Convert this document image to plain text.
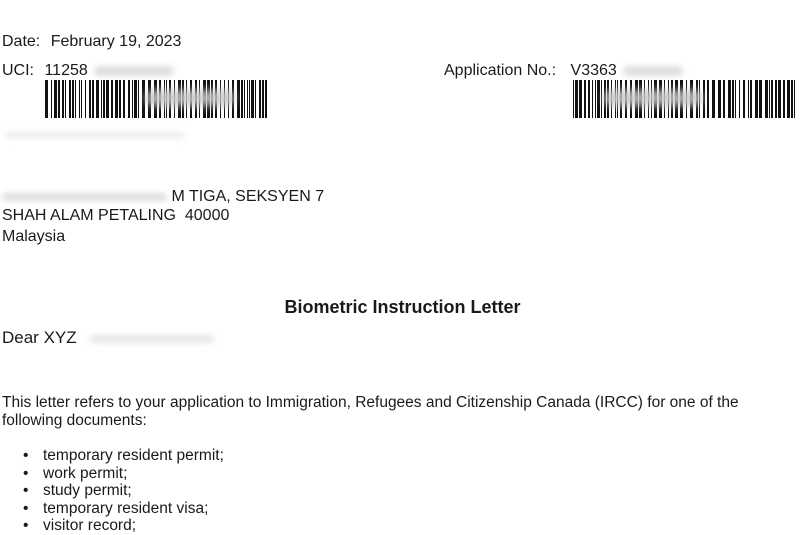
Date: February 19, 2023
UCI: 11258	Application No.: V3363
M TIGA, SEKSYEN 7
SHAH ALAM PETALING  40000
Malaysia
Biometric Instruction Letter
Dear XYZ
This letter refers to your application to Immigration, Refugees and Citizenship Canada (IRCC) for one of the
following documents:
• temporary resident permit;
• work permit;
• study permit;
• temporary resident visa;
• visitor record;
